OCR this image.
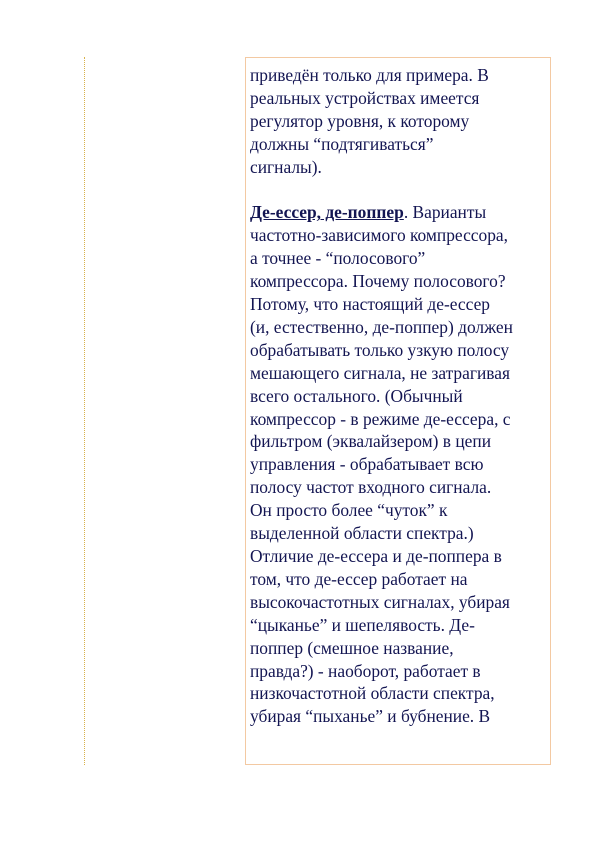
приведён только для примера. В
реальных устройствах имеется
регулятор уровня, к которому
должны “подтягиваться”
сигналы).
Де-ессер, де-поппер. Варианты
частотно-зависимого компрессора,
а точнее - “полосового”
компрессора. Почему полосового?
Потому, что настоящий де-ессер
(и, естественно, де-поппер) должен
обрабатывать только узкую полосу
мешающего сигнала, не затрагивая
всего остального. (Обычный
компрессор - в режиме де-ессера, с
фильтром (эквалайзером) в цепи
управления - обрабатывает всю
полосу частот входного сигнала.
Он просто более “чуток” к
выделенной области спектра.)
Отличие де-ессера и де-поппера в
том, что де-ессер работает на
высокочастотных сигналах, убирая
“цыканье” и шепелявость. Де-
поппер (смешное название,
правда?) - наоборот, работает в
низкочастотной области спектра,
убирая “пыханье” и бубнение. В
